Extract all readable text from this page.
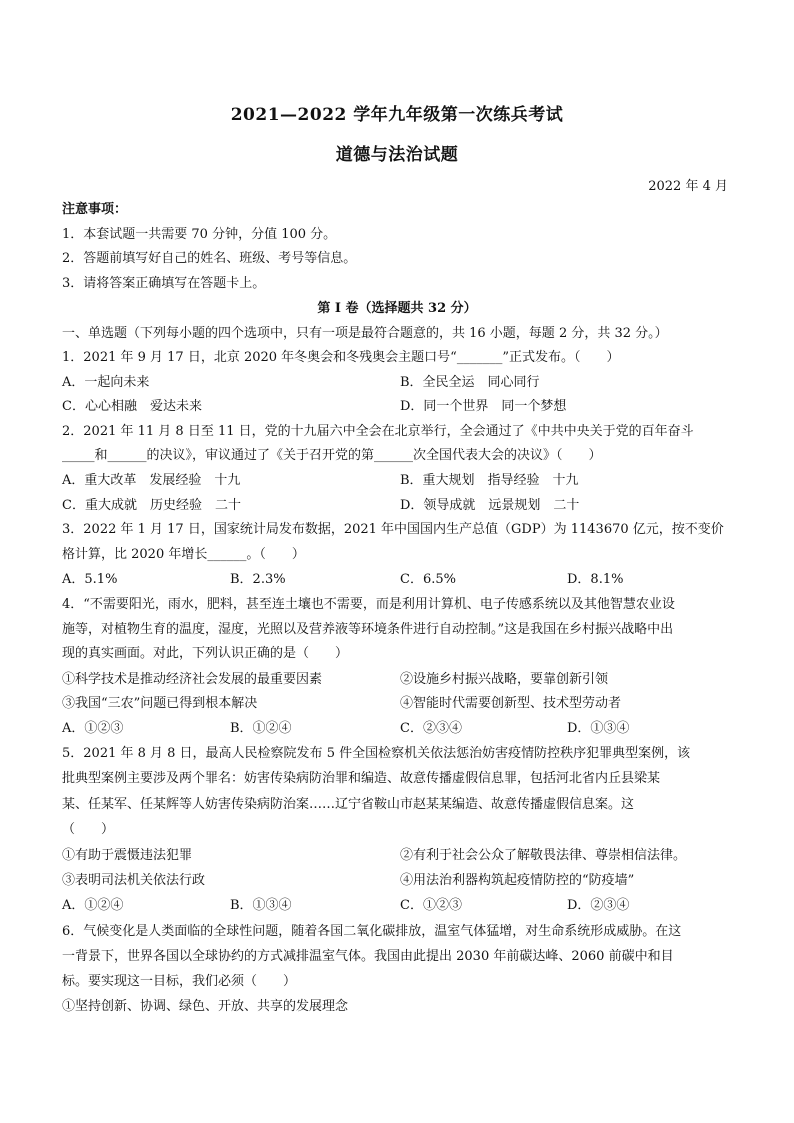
2021—2022 学年九年级第一次练兵考试
道德与法治试题
2022 年 4 月
注意事项：
1．本套试题一共需要 70 分钟，分值 100 分。
2．答题前填写好自己的姓名、班级、考号等信息。
3．请将答案正确填写在答题卡上。
第 I 卷（选择题共 32 分）
一、单选题（下列每小题的四个选项中，只有一项是最符合题意的，共 16 小题，每题 2 分，共 32 分。）
1．2021 年 9 月 17 日，北京 2020 年冬奥会和冬残奥会主题口号“_______”正式发布。（　　）
A．一起向未来	B．全民全运　同心同行
C．心心相融　爱达未来	D．同一个世界　同一个梦想
2．2021 年 11 月 8 日至 11 日，党的十九届六中全会在北京举行，全会通过了《中共中央关于党的百年奋斗
_____和______的决议》，审议通过了《关于召开党的第______次全国代表大会的决议》（　　）
A．重大改革　发展经验　十九	B．重大规划　指导经验　十九
C．重大成就　历史经验　二十	D．领导成就　远景规划　二十
3．2022 年 1 月 17 日，国家统计局发布数据，2021 年中国国内生产总值（GDP）为 1143670 亿元，按不变价
格计算，比 2020 年增长______。（　　）
A．5.1%	B．2.3%	C．6.5%	D．8.1%
4．“不需要阳光，雨水，肥料，甚至连土壤也不需要，而是利用计算机、电子传感系统以及其他智慧农业设
施等，对植物生育的温度，湿度，光照以及营养液等环境条件进行自动控制。”这是我国在乡村振兴战略中出
现的真实画面。对此，下列认识正确的是（　　）
①科学技术是推动经济社会发展的最重要因素	②设施乡村振兴战略，要靠创新引领
③我国“三农”问题已得到根本解决	④智能时代需要创新型、技术型劳动者
A．①②③	B．①②④	C．②③④	D．①③④
5．2021 年 8 月 8 日，最高人民检察院发布 5 件全国检察机关依法惩治妨害疫情防控秩序犯罪典型案例，该
批典型案例主要涉及两个罪名：妨害传染病防治罪和编造、故意传播虚假信息罪，包括河北省内丘县梁某
某、任某军、任某辉等人妨害传染病防治案……辽宁省鞍山市赵某某编造、故意传播虚假信息案。这
（　　）
①有助于震慑违法犯罪	②有利于社会公众了解敬畏法律、尊崇相信法律。
③表明司法机关依法行政	④用法治利器构筑起疫情防控的“防疫墙”
A．①②④	B．①③④	C．①②③	D．②③④
6．气候变化是人类面临的全球性问题，随着各国二氧化碳排放，温室气体猛增，对生命系统形成威胁。在这
一背景下，世界各国以全球协约的方式减排温室气体。我国由此提出 2030 年前碳达峰、2060 前碳中和目
标。要实现这一目标，我们必须（　　）
①坚持创新、协调、绿色、开放、共享的发展理念
